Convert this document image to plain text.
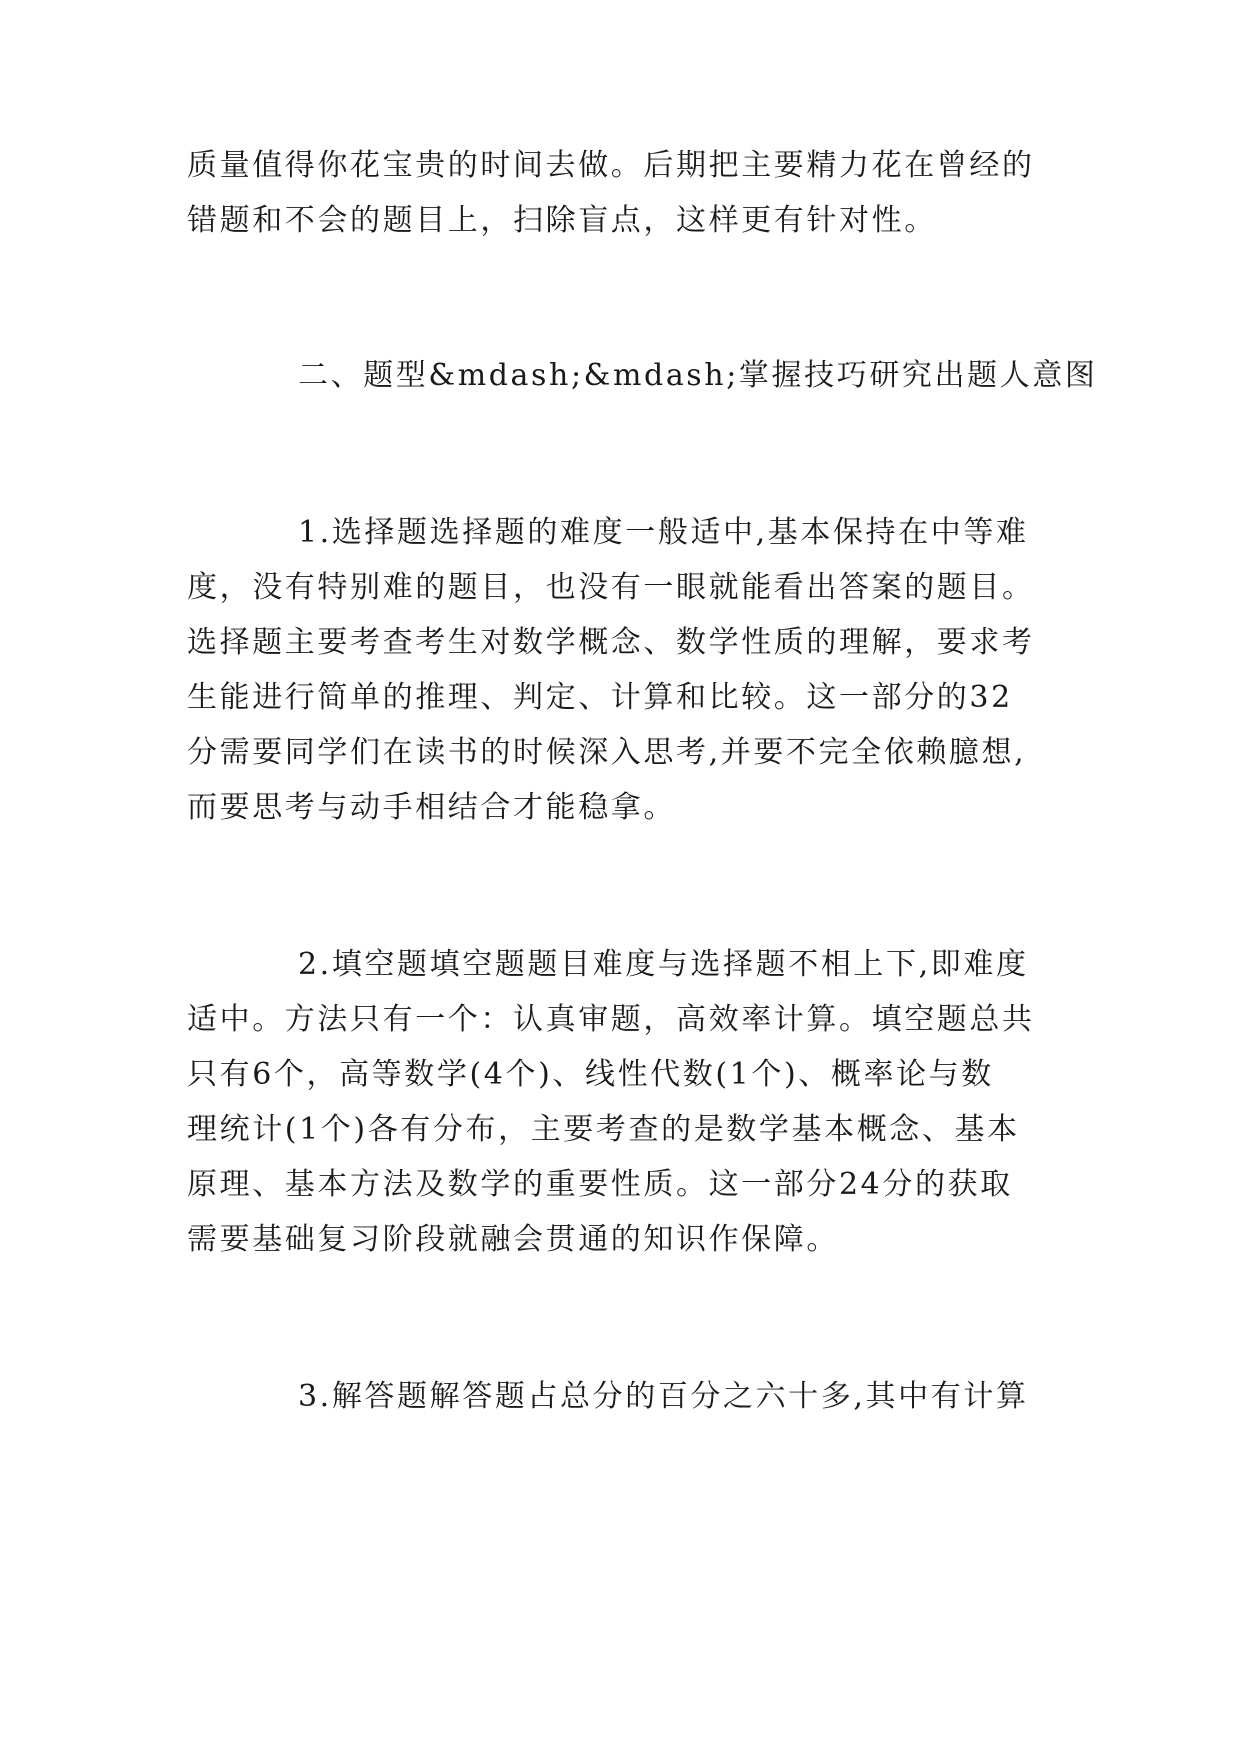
质量值得你花宝贵的时间去做。后期把主要精力花在曾经的
错题和不会的题目上，扫除盲点，这样更有针对性。
二、题型&mdash;&mdash;掌握技巧研究出题人意图
1.选择题选择题的难度一般适中,基本保持在中等难
度，没有特别难的题目，也没有一眼就能看出答案的题目。
选择题主要考查考生对数学概念、数学性质的理解，要求考
生能进行简单的推理、判定、计算和比较。这一部分的32
分需要同学们在读书的时候深入思考,并要不完全依赖臆想,
而要思考与动手相结合才能稳拿。
2.填空题填空题题目难度与选择题不相上下,即难度
适中。方法只有一个：认真审题，高效率计算。填空题总共
只有6个，高等数学(4个)、线性代数(1个)、概率论与数
理统计(1个)各有分布，主要考查的是数学基本概念、基本
原理、基本方法及数学的重要性质。这一部分24分的获取
需要基础复习阶段就融会贯通的知识作保障。
3.解答题解答题占总分的百分之六十多,其中有计算
